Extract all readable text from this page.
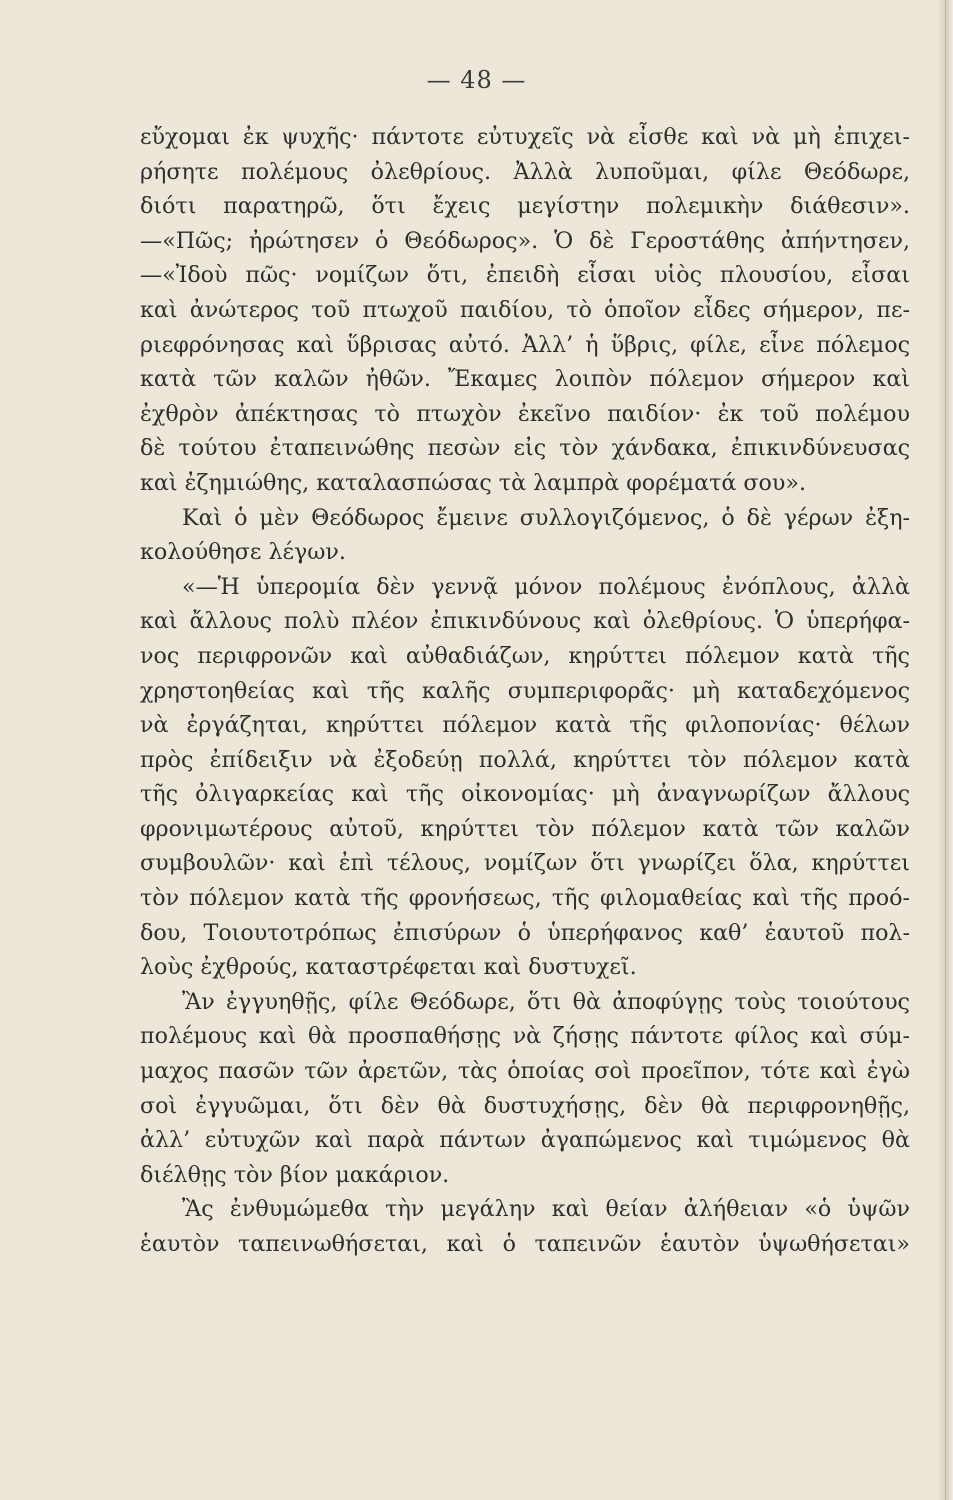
— 48 —
εὔχομαι ἐκ ψυχῆς· πάντοτε εὐτυχεῖς νὰ εἶσθε καὶ νὰ μὴ ἐπιχει-
ρήσητε πολέμους ὀλεθρίους. Ἀλλὰ λυποῦμαι, φίλε Θεόδωρε,
διότι παρατηρῶ, ὅτι ἔχεις μεγίστην πολεμικὴν διάθεσιν».
—«Πῶς; ἠρώτησεν ὁ Θεόδωρος». Ὁ δὲ Γεροστάθης ἀπήντησεν,
—«Ἰδοὺ πῶς· νομίζων ὅτι, ἐπειδὴ εἶσαι υἱὸς πλουσίου, εἶσαι
καὶ ἀνώτερος τοῦ πτωχοῦ παιδίου, τὸ ὁποῖον εἶδες σήμερον, πε-
ριεφρόνησας καὶ ὕβρισας αὐτό. Ἀλλ’ ἡ ὕβρις, φίλε, εἶνε πόλεμος
κατὰ τῶν καλῶν ἠθῶν. Ἔκαμες λοιπὸν πόλεμον σήμερον καὶ
ἐχθρὸν ἀπέκτησας τὸ πτωχὸν ἐκεῖνο παιδίον· ἐκ τοῦ πολέμου
δὲ τούτου ἐταπεινώθης πεσὼν εἰς τὸν χάνδακα, ἐπικινδύνευσας
καὶ ἐζημιώθης, καταλασπώσας τὰ λαμπρὰ φορέματά σου».
Καὶ ὁ μὲν Θεόδωρος ἔμεινε συλλογιζόμενος, ὁ δὲ γέρων ἐξη-
κολούθησε λέγων.
«—Ἡ ὑπερομία δὲν γεννᾷ μόνον πολέμους ἐνόπλους, ἀλλὰ
καὶ ἄλλους πολὺ πλέον ἐπικινδύνους καὶ ὀλεθρίους. Ὁ ὑπερήφα-
νος περιφρονῶν καὶ αὐθαδιάζων, κηρύττει πόλεμον κατὰ τῆς
χρηστοηθείας καὶ τῆς καλῆς συμπεριφορᾶς· μὴ καταδεχόμενος
νὰ ἐργάζηται, κηρύττει πόλεμον κατὰ τῆς φιλοπονίας· θέλων
πρὸς ἐπίδειξιν νὰ ἐξοδεύῃ πολλά, κηρύττει τὸν πόλεμον κατὰ
τῆς ὀλιγαρκείας καὶ τῆς οἰκονομίας· μὴ ἀναγνωρίζων ἄλλους
φρονιμωτέρους αὐτοῦ, κηρύττει τὸν πόλεμον κατὰ τῶν καλῶν
συμβουλῶν· καὶ ἐπὶ τέλους, νομίζων ὅτι γνωρίζει ὅλα, κηρύττει
τὸν πόλεμον κατὰ τῆς φρονήσεως, τῆς φιλομαθείας καὶ τῆς προό-
δου, Τοιουτοτρόπως ἐπισύρων ὁ ὑπερήφανος καθ’ ἑαυτοῦ πολ-
λοὺς ἐχθρούς, καταστρέφεται καὶ δυστυχεῖ.
Ἂν ἐγγυηθῇς, φίλε Θεόδωρε, ὅτι θὰ ἀποφύγῃς τοὺς τοιούτους
πολέμους καὶ θὰ προσπαθήσῃς νὰ ζήσῃς πάντοτε φίλος καὶ σύμ-
μαχος πασῶν τῶν ἀρετῶν, τὰς ὁποίας σοὶ προεῖπον, τότε καὶ ἐγὼ
σοὶ ἐγγυῶμαι, ὅτι δὲν θὰ δυστυχήσῃς, δὲν θὰ περιφρονηθῇς,
ἀλλ’ εὐτυχῶν καὶ παρὰ πάντων ἀγαπώμενος καὶ τιμώμενος θὰ
διέλθῃς τὸν βίον μακάριον.
Ἂς ἐνθυμώμεθα τὴν μεγάλην καὶ θείαν ἀλήθειαν «ὁ ὑψῶν
ἑαυτὸν ταπεινωθήσεται, καὶ ὁ ταπεινῶν ἑαυτὸν ὑψωθήσεται»
